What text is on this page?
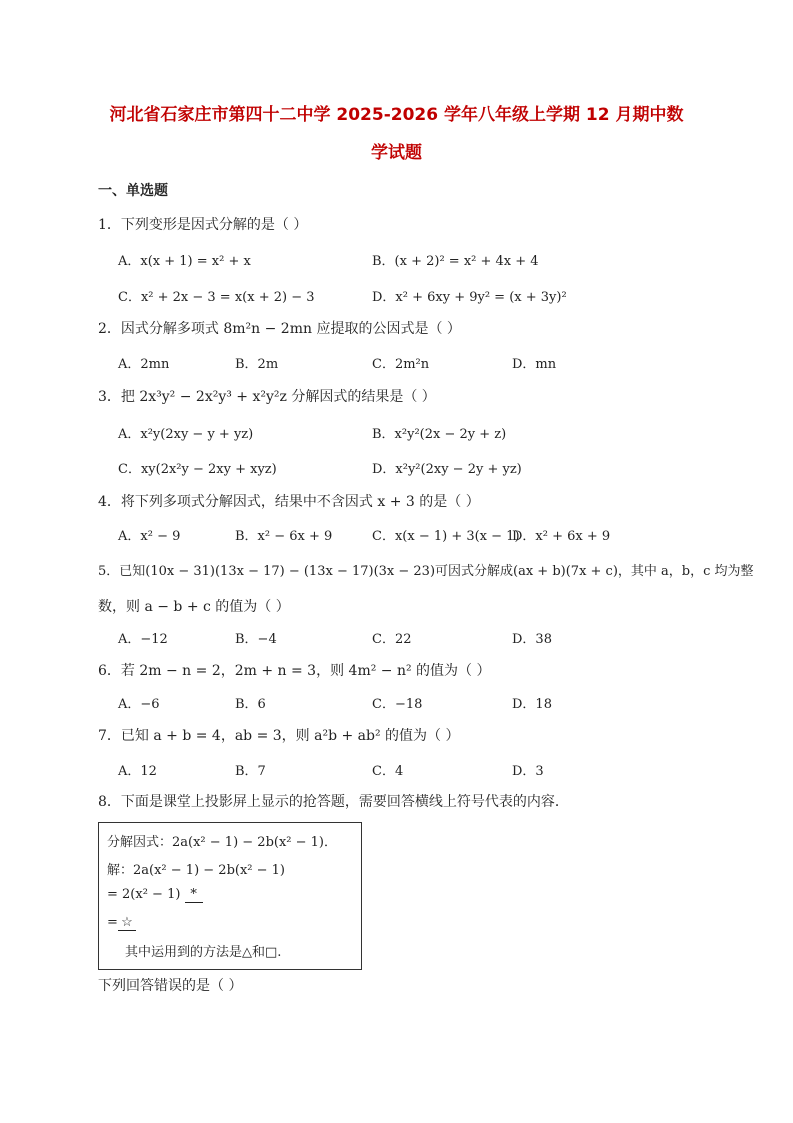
河北省石家庄市第四十二中学 2025-2026 学年八年级上学期 12 月期中数
学试题
一、单选题
1．下列变形是因式分解的是（ ）
A．x(x + 1) = x² + x	B．(x + 2)² = x² + 4x + 4
C．x² + 2x − 3 = x(x + 2) − 3	D．x² + 6xy + 9y² = (x + 3y)²
2．因式分解多项式 8m²n − 2mn 应提取的公因式是（ ）
A．2mn	B．2m	C．2m²n	D．mn
3．把 2x³y² − 2x²y³ + x²y²z 分解因式的结果是（ ）
A．x²y(2xy − y + yz)	B．x²y²(2x − 2y + z)
C．xy(2x²y − 2xy + xyz)	D．x²y²(2xy − 2y + yz)
4．将下列多项式分解因式，结果中不含因式 x + 3 的是（ ）
A．x² − 9	B．x² − 6x + 9	C．x(x − 1) + 3(x − 1)
D．x² + 6x + 9
5．已知(10x − 31)(13x − 17) − (13x − 17)(3x − 23)可因式分解成(ax + b)(7x + c)，其中 a，b，c 均为整
数，则 a − b + c 的值为（ ）
A．−12	B．−4	C．22	D．38
6．若 2m − n = 2，2m + n = 3，则 4m² − n² 的值为（ ）
A．−6	B．6	C．−18	D．18
7．已知 a + b = 4，ab = 3，则 a²b + ab² 的值为（ ）
A．12	B．7	C．4	D．3
8．下面是课堂上投影屏上显示的抢答题，需要回答横线上符号代表的内容．
分解因式：2a(x² − 1) − 2b(x² − 1)．
解：2a(x² − 1) − 2b(x² − 1)
= 2(x² − 1) *
= ☆
其中运用到的方法是△和□.
下列回答错误的是（ ）
